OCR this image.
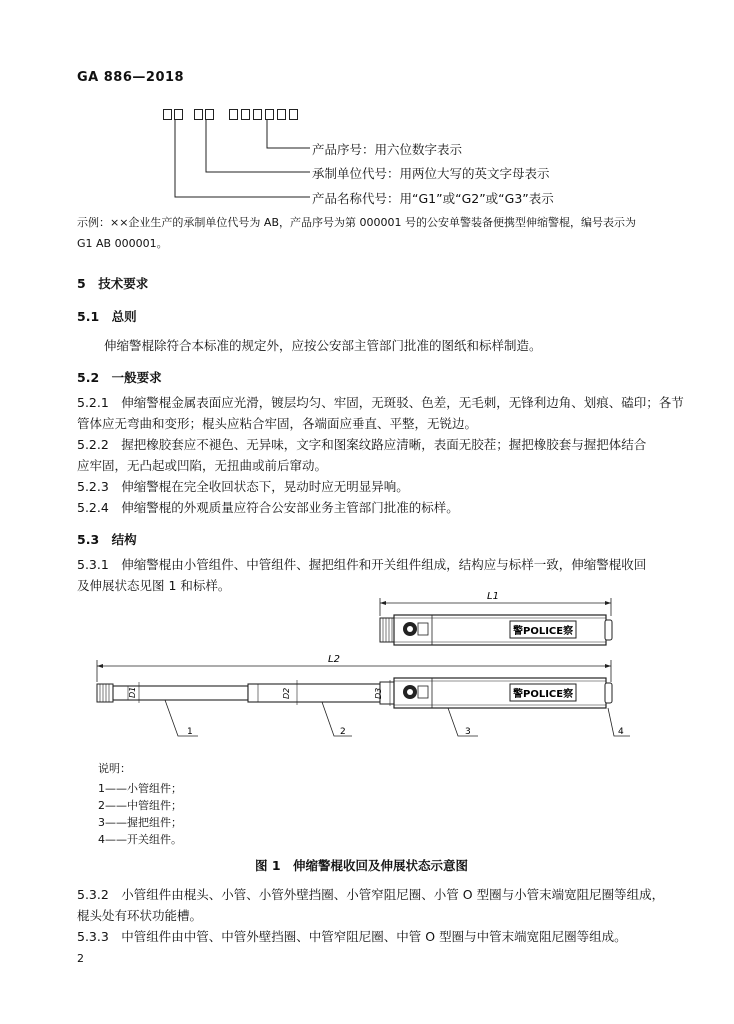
GA 886—2018
产品序号：用六位数字表示
承制单位代号：用两位大写的英文字母表示
产品名称代号：用“G1”或“G2”或“G3”表示
示例：××企业生产的承制单位代号为 AB，产品序号为第 000001 号的公安单警装备便携型伸缩警棍，编号表示为
G1 AB 000001。
5　技术要求
5.1　总则
伸缩警棍除符合本标准的规定外，应按公安部主管部门批准的图纸和标样制造。
5.2　一般要求
5.2.1　伸缩警棍金属表面应光滑，镀层均匀、牢固，无斑驳、色差，无毛刺，无锋利边角、划痕、磕印；各节
管体应无弯曲和变形；棍头应粘合牢固，各端面应垂直、平整，无锐边。
5.2.2　握把橡胶套应不褪色、无异味，文字和图案纹路应清晰，表面无胶茬；握把橡胶套与握把体结合
应牢固，无凸起或凹陷，无扭曲或前后窜动。
5.2.3　伸缩警棍在完全收回状态下，晃动时应无明显异响。
5.2.4　伸缩警棍的外观质量应符合公安部业务主管部门批准的标样。
5.3　结构
5.3.1　伸缩警棍由小管组件、中管组件、握把组件和开关组件组成，结构应与标样一致，伸缩警棍收回
及伸展状态见图 1 和标样。
L1
警POLICE察
L2
D1	D2	D3	警POLICE察
1	2	3	4
说明：
1——小管组件；
2——中管组件；
3——握把组件；
4——开关组件。
图 1　伸缩警棍收回及伸展状态示意图
5.3.2　小管组件由棍头、小管、小管外壁挡圈、小管窄阻尼圈、小管 O 型圈与小管末端宽阻尼圈等组成，
棍头处有环状功能槽。
5.3.3　中管组件由中管、中管外壁挡圈、中管窄阻尼圈、中管 O 型圈与中管末端宽阻尼圈等组成。
2
